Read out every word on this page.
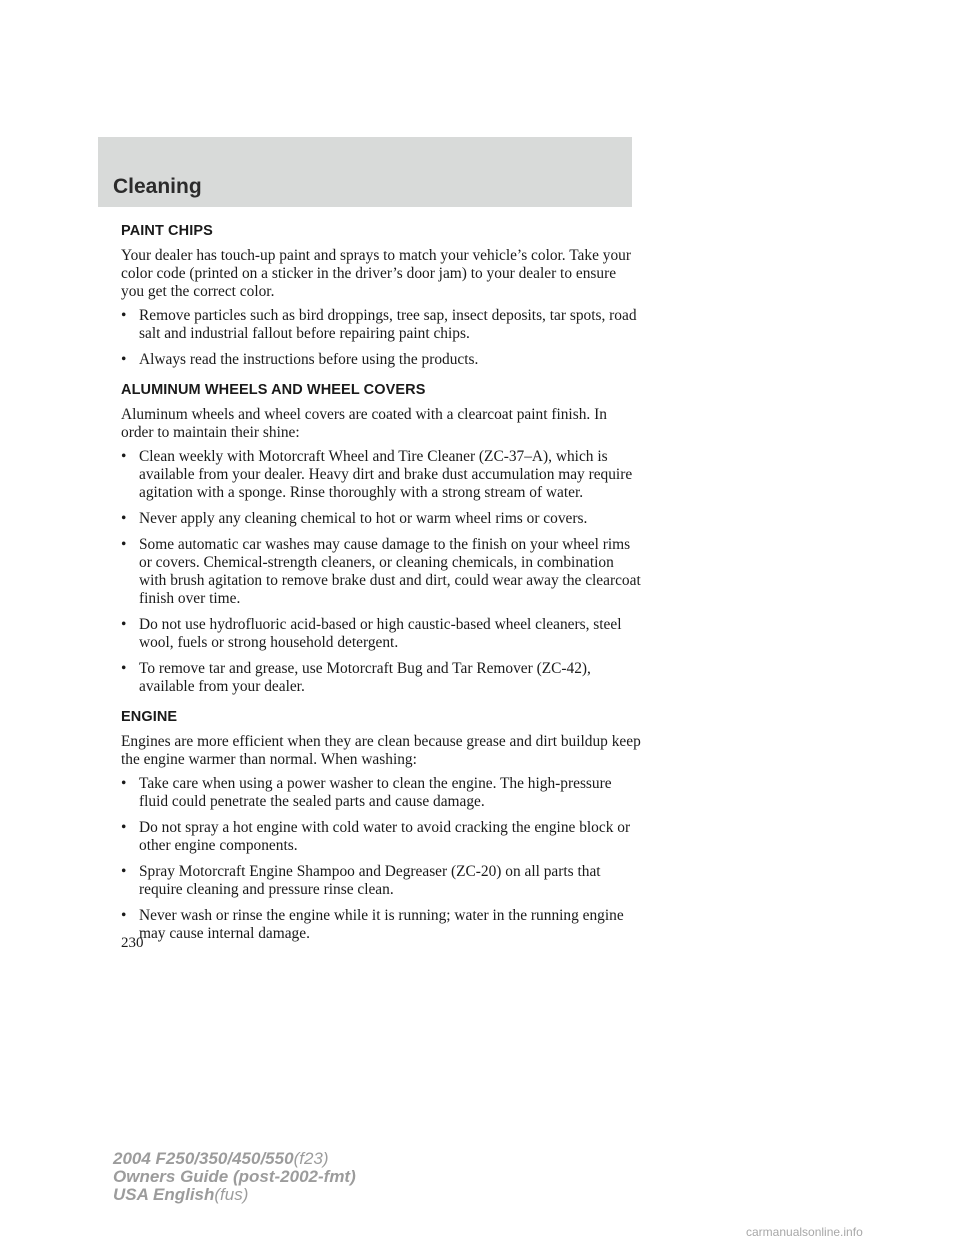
Cleaning
PAINT CHIPS

Your dealer has touch-up paint and sprays to match your vehicle’s color. Take your color code (printed on a sticker in the driver’s door jam) to your dealer to ensure you get the correct color.

• Remove particles such as bird droppings, tree sap, insect deposits, tar spots, road salt and industrial fallout before repairing paint chips.
• Always read the instructions before using the products.
ALUMINUM WHEELS AND WHEEL COVERS

Aluminum wheels and wheel covers are coated with a clearcoat paint finish. In order to maintain their shine:

• Clean weekly with Motorcraft Wheel and Tire Cleaner (ZC-37–A), which is available from your dealer. Heavy dirt and brake dust accumulation may require agitation with a sponge. Rinse thoroughly with a strong stream of water.
• Never apply any cleaning chemical to hot or warm wheel rims or covers.
• Some automatic car washes may cause damage to the finish on your wheel rims or covers. Chemical-strength cleaners, or cleaning chemicals, in combination with brush agitation to remove brake dust and dirt, could wear away the clearcoat finish over time.
• Do not use hydrofluoric acid-based or high caustic-based wheel cleaners, steel wool, fuels or strong household detergent.
• To remove tar and grease, use Motorcraft Bug and Tar Remover (ZC-42), available from your dealer.
ENGINE

Engines are more efficient when they are clean because grease and dirt buildup keep the engine warmer than normal. When washing:

• Take care when using a power washer to clean the engine. The high-pressure fluid could penetrate the sealed parts and cause damage.
• Do not spray a hot engine with cold water to avoid cracking the engine block or other engine components.
• Spray Motorcraft Engine Shampoo and Degreaser (ZC-20) on all parts that require cleaning and pressure rinse clean.
• Never wash or rinse the engine while it is running; water in the running engine may cause internal damage.
230
2004 F250/350/450/550(f23)
Owners Guide (post-2002-fmt)
USA English(fus)
carmanualsonline.info
